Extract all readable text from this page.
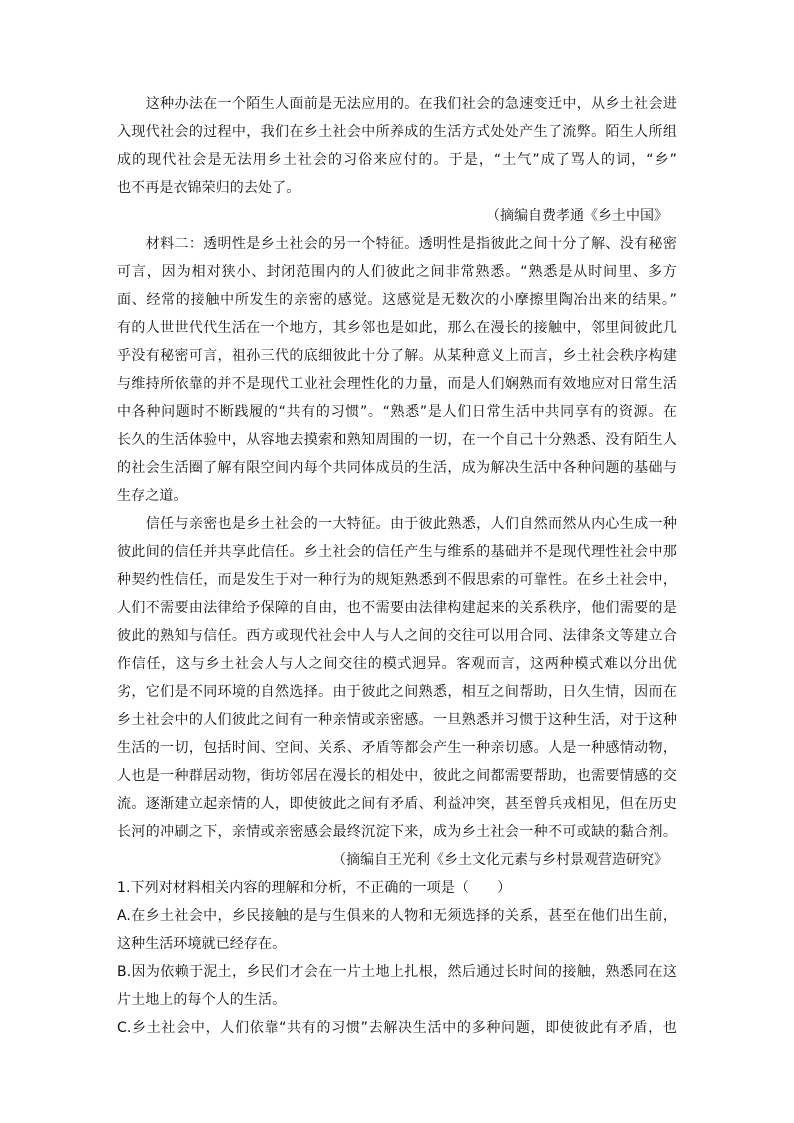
　　这种办法在一个陌生人面前是无法应用的。在我们社会的急速变迁中，从乡土社会进
入现代社会的过程中，我们在乡土社会中所养成的生活方式处处产生了流弊。陌生人所组
成的现代社会是无法用乡土社会的习俗来应付的。于是，“土气”成了骂人的词，“乡”
也不再是衣锦荣归的去处了。
（摘编自费孝通《乡土中国》
　　材料二：透明性是乡土社会的另一个特征。透明性是指彼此之间十分了解、没有秘密
可言，因为相对狭小、封闭范围内的人们彼此之间非常熟悉。“熟悉是从时间里、多方
面、经常的接触中所发生的亲密的感觉。这感觉是无数次的小摩擦里陶冶出来的结果。”
有的人世世代代生活在一个地方，其乡邻也是如此，那么在漫长的接触中，邻里间彼此几
乎没有秘密可言，祖孙三代的底细彼此十分了解。从某种意义上而言，乡土社会秩序构建
与维持所依靠的并不是现代工业社会理性化的力量，而是人们娴熟而有效地应对日常生活
中各种问题时不断践履的“共有的习惯”。“熟悉”是人们日常生活中共同享有的资源。在
长久的生活体验中，从容地去摸索和熟知周围的一切，在一个自己十分熟悉、没有陌生人
的社会生活圈了解有限空间内每个共同体成员的生活，成为解决生活中各种问题的基础与
生存之道。
　　信任与亲密也是乡土社会的一大特征。由于彼此熟悉，人们自然而然从内心生成一种
彼此间的信任并共享此信任。乡土社会的信任产生与维系的基础并不是现代理性社会中那
种契约性信任，而是发生于对一种行为的规矩熟悉到不假思索的可靠性。在乡土社会中，
人们不需要由法律给予保障的自由，也不需要由法律构建起来的关系秩序，他们需要的是
彼此的熟知与信任。西方或现代社会中人与人之间的交往可以用合同、法律条文等建立合
作信任，这与乡土社会人与人之间交往的模式迥异。客观而言，这两种模式难以分出优
劣，它们是不同环境的自然选择。由于彼此之间熟悉，相互之间帮助，日久生情，因而在
乡土社会中的人们彼此之间有一种亲情或亲密感。一旦熟悉并习惯于这种生活，对于这种
生活的一切，包括时间、空间、关系、矛盾等都会产生一种亲切感。人是一种感情动物，
人也是一种群居动物，街坊邻居在漫长的相处中，彼此之间都需要帮助，也需要情感的交
流。逐渐建立起亲情的人，即使彼此之间有矛盾、利益冲突，甚至曾兵戎相见，但在历史
长河的冲刷之下，亲情或亲密感会最终沉淀下来，成为乡土社会一种不可或缺的黏合剂。
（摘编自王光利《乡土文化元素与乡村景观营造研究》
1.下列对材料相关内容的理解和分析，不正确的一项是（　　）
A.在乡土社会中，乡民接触的是与生俱来的人物和无须选择的关系，甚至在他们出生前，
这种生活环境就已经存在。
B.因为依赖于泥土，乡民们才会在一片土地上扎根，然后通过长时间的接触，熟悉同在这
片土地上的每个人的生活。
C.乡土社会中，人们依靠“共有的习惯”去解决生活中的多种问题，即使彼此有矛盾，也
